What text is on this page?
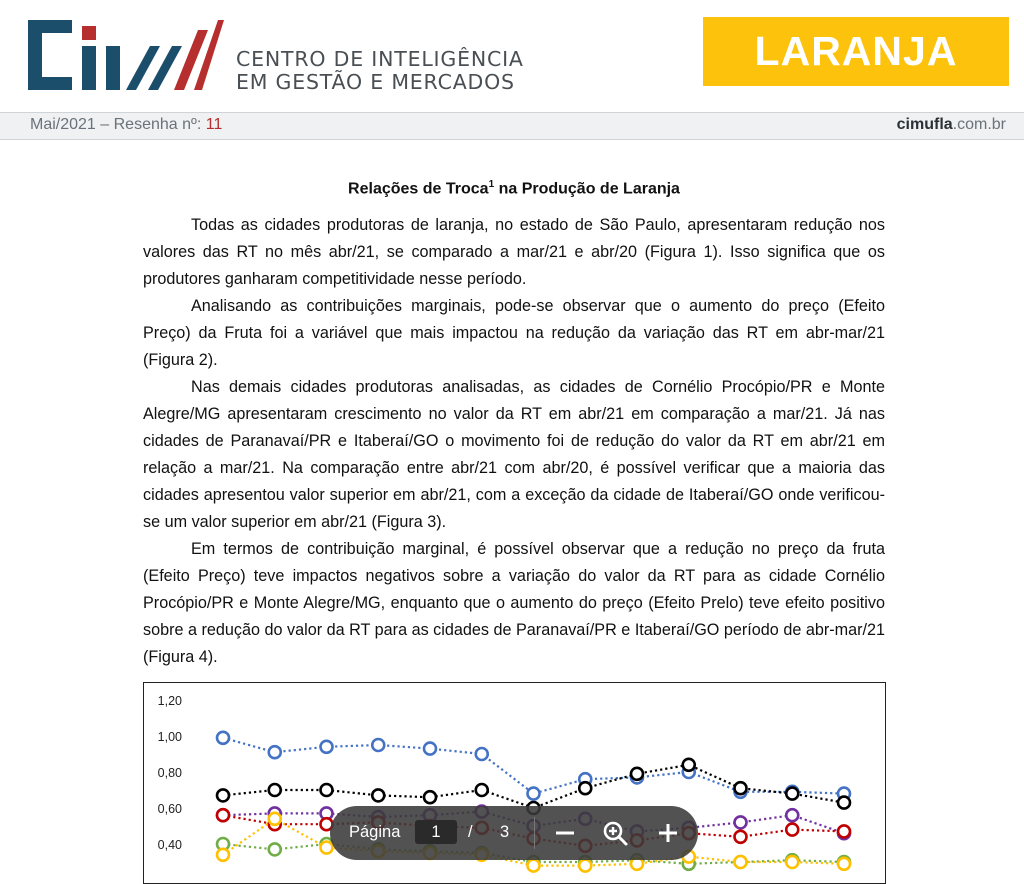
CENTRO DE INTELIGÊNCIA
EM GESTÃO E MERCADOS
LARANJA
Mai/2021 – Resenha nº: 11	cimufla.com.br
Relações de Troca$^1$ na Produção de Laranja

Todas as cidades produtoras de laranja, no estado de São Paulo, apresentaram redução nos valores das RT no mês abr/21, se comparado a mar/21 e abr/20 (Figura 1). Isso significa que os produtores ganharam competitividade nesse período.

Analisando as contribuições marginais, pode-se observar que o aumento do preço (Efeito Preço) da Fruta foi a variável que mais impactou na redução da variação das RT em abr-mar/21 (Figura 2).

Nas demais cidades produtoras analisadas, as cidades de Cornélio Procópio/PR e Monte Alegre/MG apresentaram crescimento no valor da RT em abr/21 em comparação a mar/21. Já nas cidades de Paranavaí/PR e Itaberaí/GO o movimento foi de redução do valor da RT em abr/21 em relação a mar/21. Na comparação entre abr/21 com abr/20, é possível verificar que a maioria das cidades apresentou valor superior em abr/21, com a exceção da cidade de Itaberaí/GO onde verificou-se um valor superior em abr/21 (Figura 3).

Em termos de contribuição marginal, é possível observar que a redução no preço da fruta (Efeito Preço) teve impactos negativos sobre a variação do valor da RT para as cidade Cornélio Procópio/PR e Monte Alegre/MG, enquanto que o aumento do preço (Efeito Prelo) teve efeito positivo sobre a redução do valor da RT para as cidades de Paranavaí/PR e Itaberaí/GO período de abr-mar/21 (Figura 4).

1,20
1,00
0,80
0,60
0,40
Página	1	/ 3
